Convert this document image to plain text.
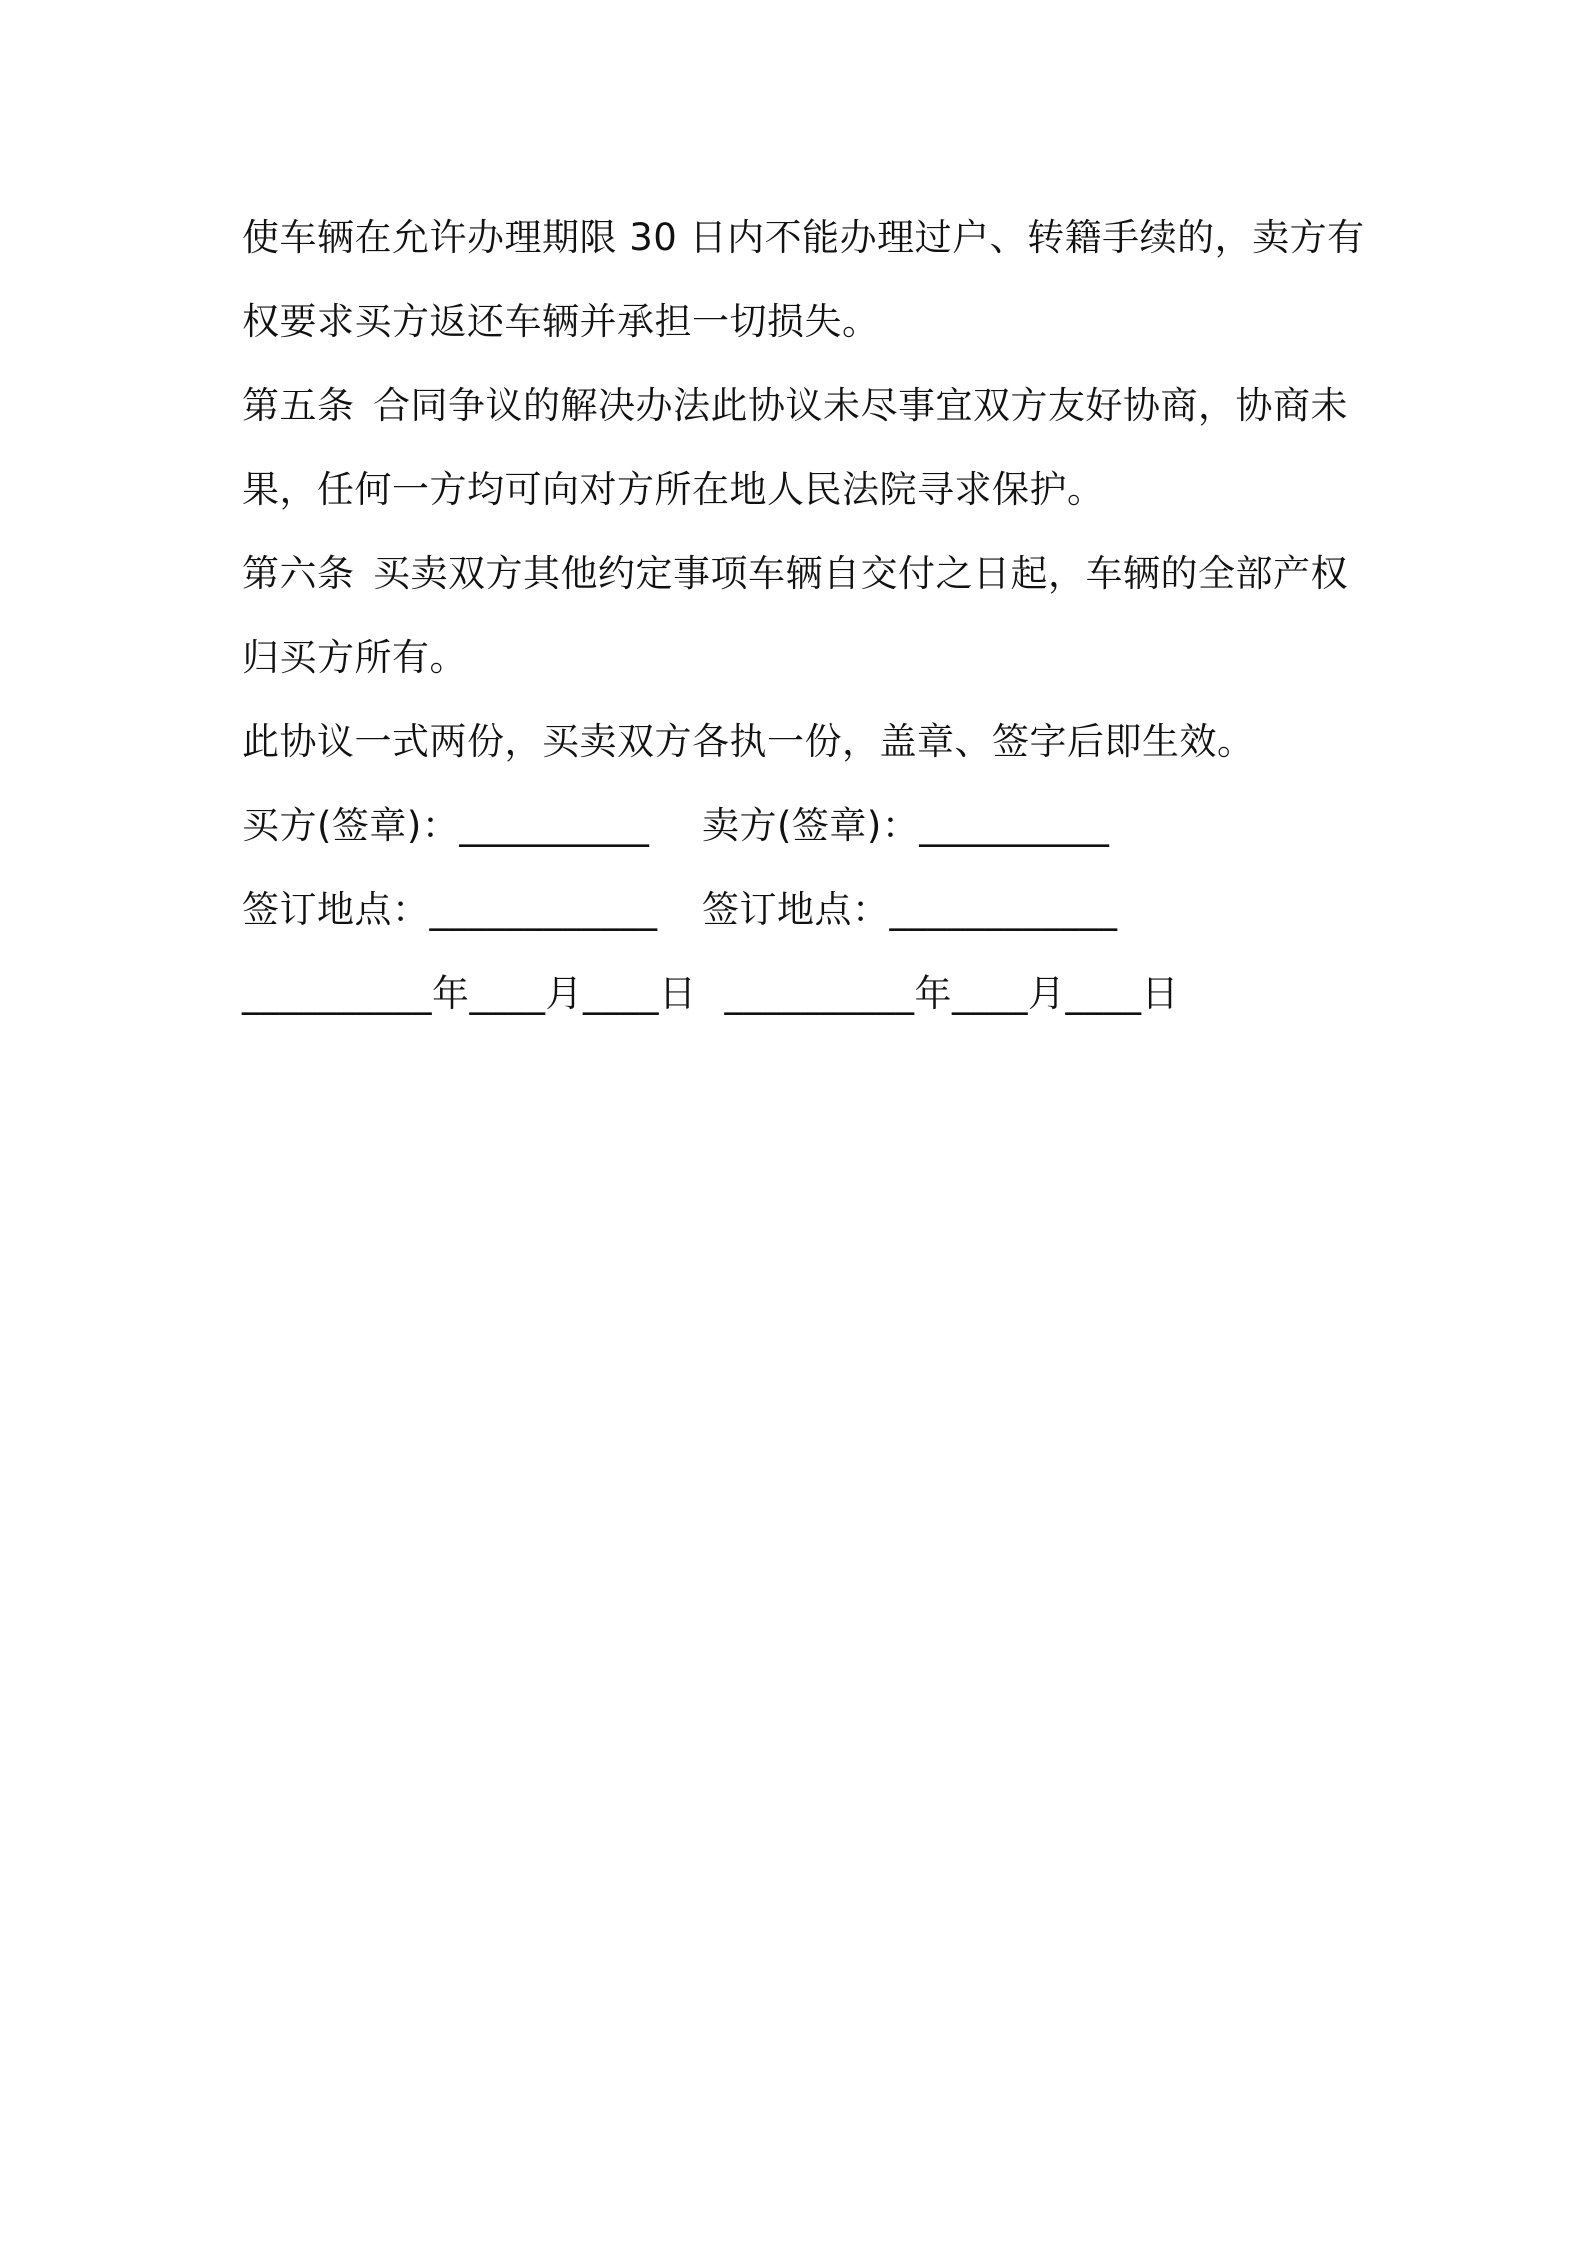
使车辆在允许办理期限 30 日内不能办理过户、转籍手续的，卖方有
权要求买方返还车辆并承担一切损失。
第五条 合同争议的解决办法此协议未尽事宜双方友好协商，协商未
果，任何一方均可向对方所在地人民法院寻求保护。
第六条 买卖双方其他约定事项车辆自交付之日起，车辆的全部产权
归买方所有。
此协议一式两份，买卖双方各执一份，盖章、签字后即生效。
买方(签章)：__________	卖方(签章)：__________
签订地点：____________	签订地点：____________
__________年____月____日 __________年____月____日
